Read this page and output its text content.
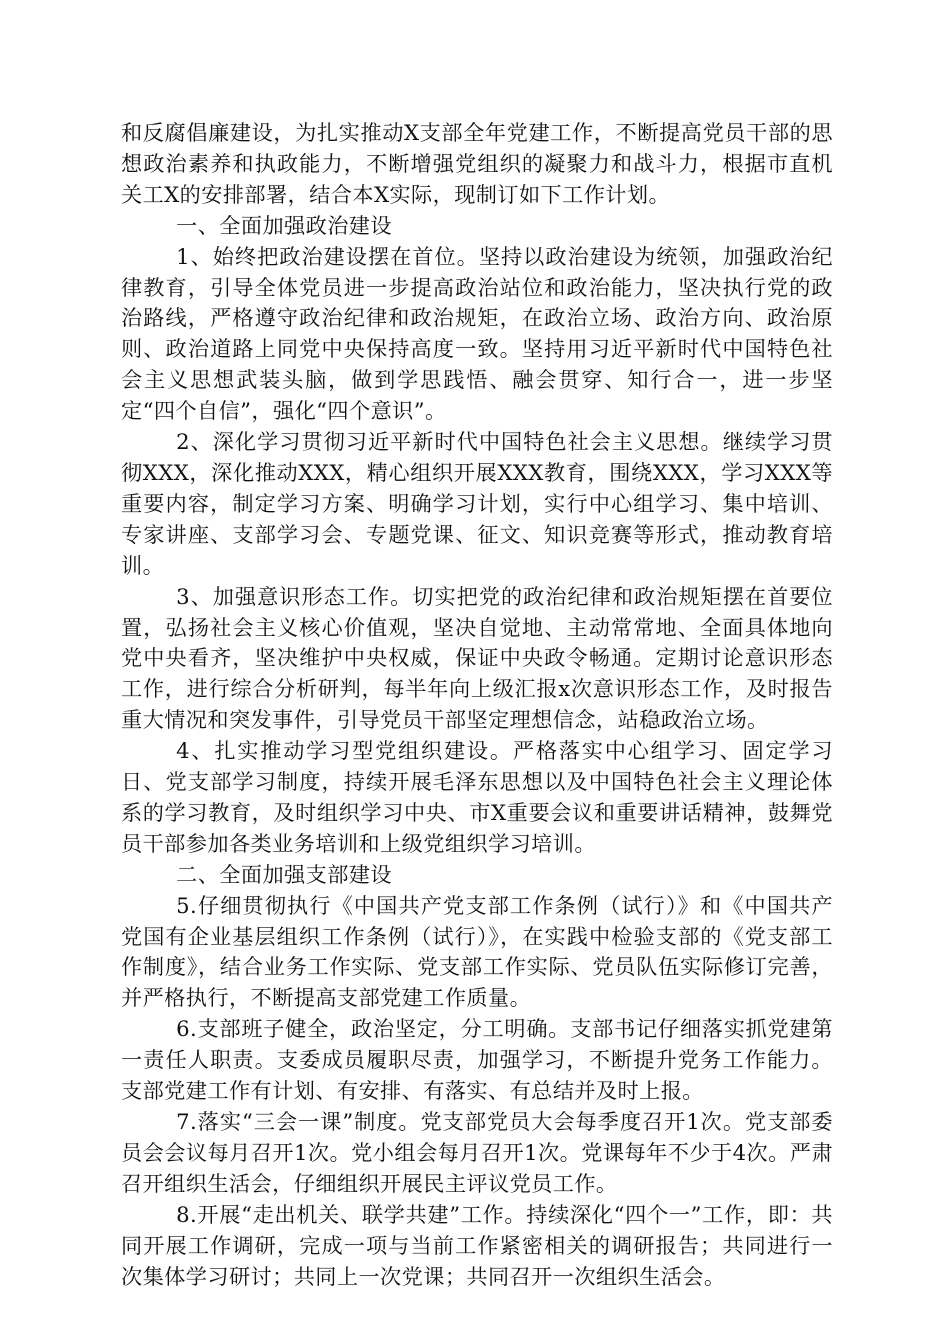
和反腐倡廉建设，为扎实推动X支部全年党建工作，不断提高党员干部的思想政治素养和执政能力，不断增强党组织的凝聚力和战斗力，根据市直机关工X的安排部署，结合本X实际，现制订如下工作计划。

一、全面加强政治建设

1、始终把政治建设摆在首位。坚持以政治建设为统领，加强政治纪律教育，引导全体党员进一步提高政治站位和政治能力，坚决执行党的政治路线，严格遵守政治纪律和政治规矩，在政治立场、政治方向、政治原则、政治道路上同党中央保持高度一致。坚持用习近平新时代中国特色社会主义思想武装头脑，做到学思践悟、融会贯穿、知行合一，进一步坚定“四个自信”，强化“四个意识”。

2、深化学习贯彻习近平新时代中国特色社会主义思想。继续学习贯彻XXX，深化推动XXX，精心组织开展XXX教育，围绕XXX，学习XXX等重要内容，制定学习方案、明确学习计划，实行中心组学习、集中培训、专家讲座、支部学习会、专题党课、征文、知识竞赛等形式，推动教育培训。

3、加强意识形态工作。切实把党的政治纪律和政治规矩摆在首要位置，弘扬社会主义核心价值观，坚决自觉地、主动常常地、全面具体地向党中央看齐，坚决维护中央权威，保证中央政令畅通。定期讨论意识形态工作，进行综合分析研判，每半年向上级汇报x次意识形态工作，及时报告重大情况和突发事件，引导党员干部坚定理想信念，站稳政治立场。

4、扎实推动学习型党组织建设。严格落实中心组学习、固定学习日、党支部学习制度，持续开展毛泽东思想以及中国特色社会主义理论体系的学习教育，及时组织学习中央、市X重要会议和重要讲话精神，鼓舞党员干部参加各类业务培训和上级党组织学习培训。

二、全面加强支部建设

5.仔细贯彻执行《中国共产党支部工作条例（试行）》和《中国共产党国有企业基层组织工作条例（试行）》，在实践中检验支部的《党支部工作制度》，结合业务工作实际、党支部工作实际、党员队伍实际修订完善，并严格执行，不断提高支部党建工作质量。

6.支部班子健全，政治坚定，分工明确。支部书记仔细落实抓党建第一责任人职责。支委成员履职尽责，加强学习，不断提升党务工作能力。支部党建工作有计划、有安排、有落实、有总结并及时上报。

7.落实“三会一课”制度。党支部党员大会每季度召开1次。党支部委员会会议每月召开1次。党小组会每月召开1次。党课每年不少于4次。严肃召开组织生活会，仔细组织开展民主评议党员工作。

8.开展“走出机关、联学共建”工作。持续深化“四个一”工作，即：共同开展工作调研，完成一项与当前工作紧密相关的调研报告；共同进行一次集体学习研讨；共同上一次党课；共同召开一次组织生活会。
